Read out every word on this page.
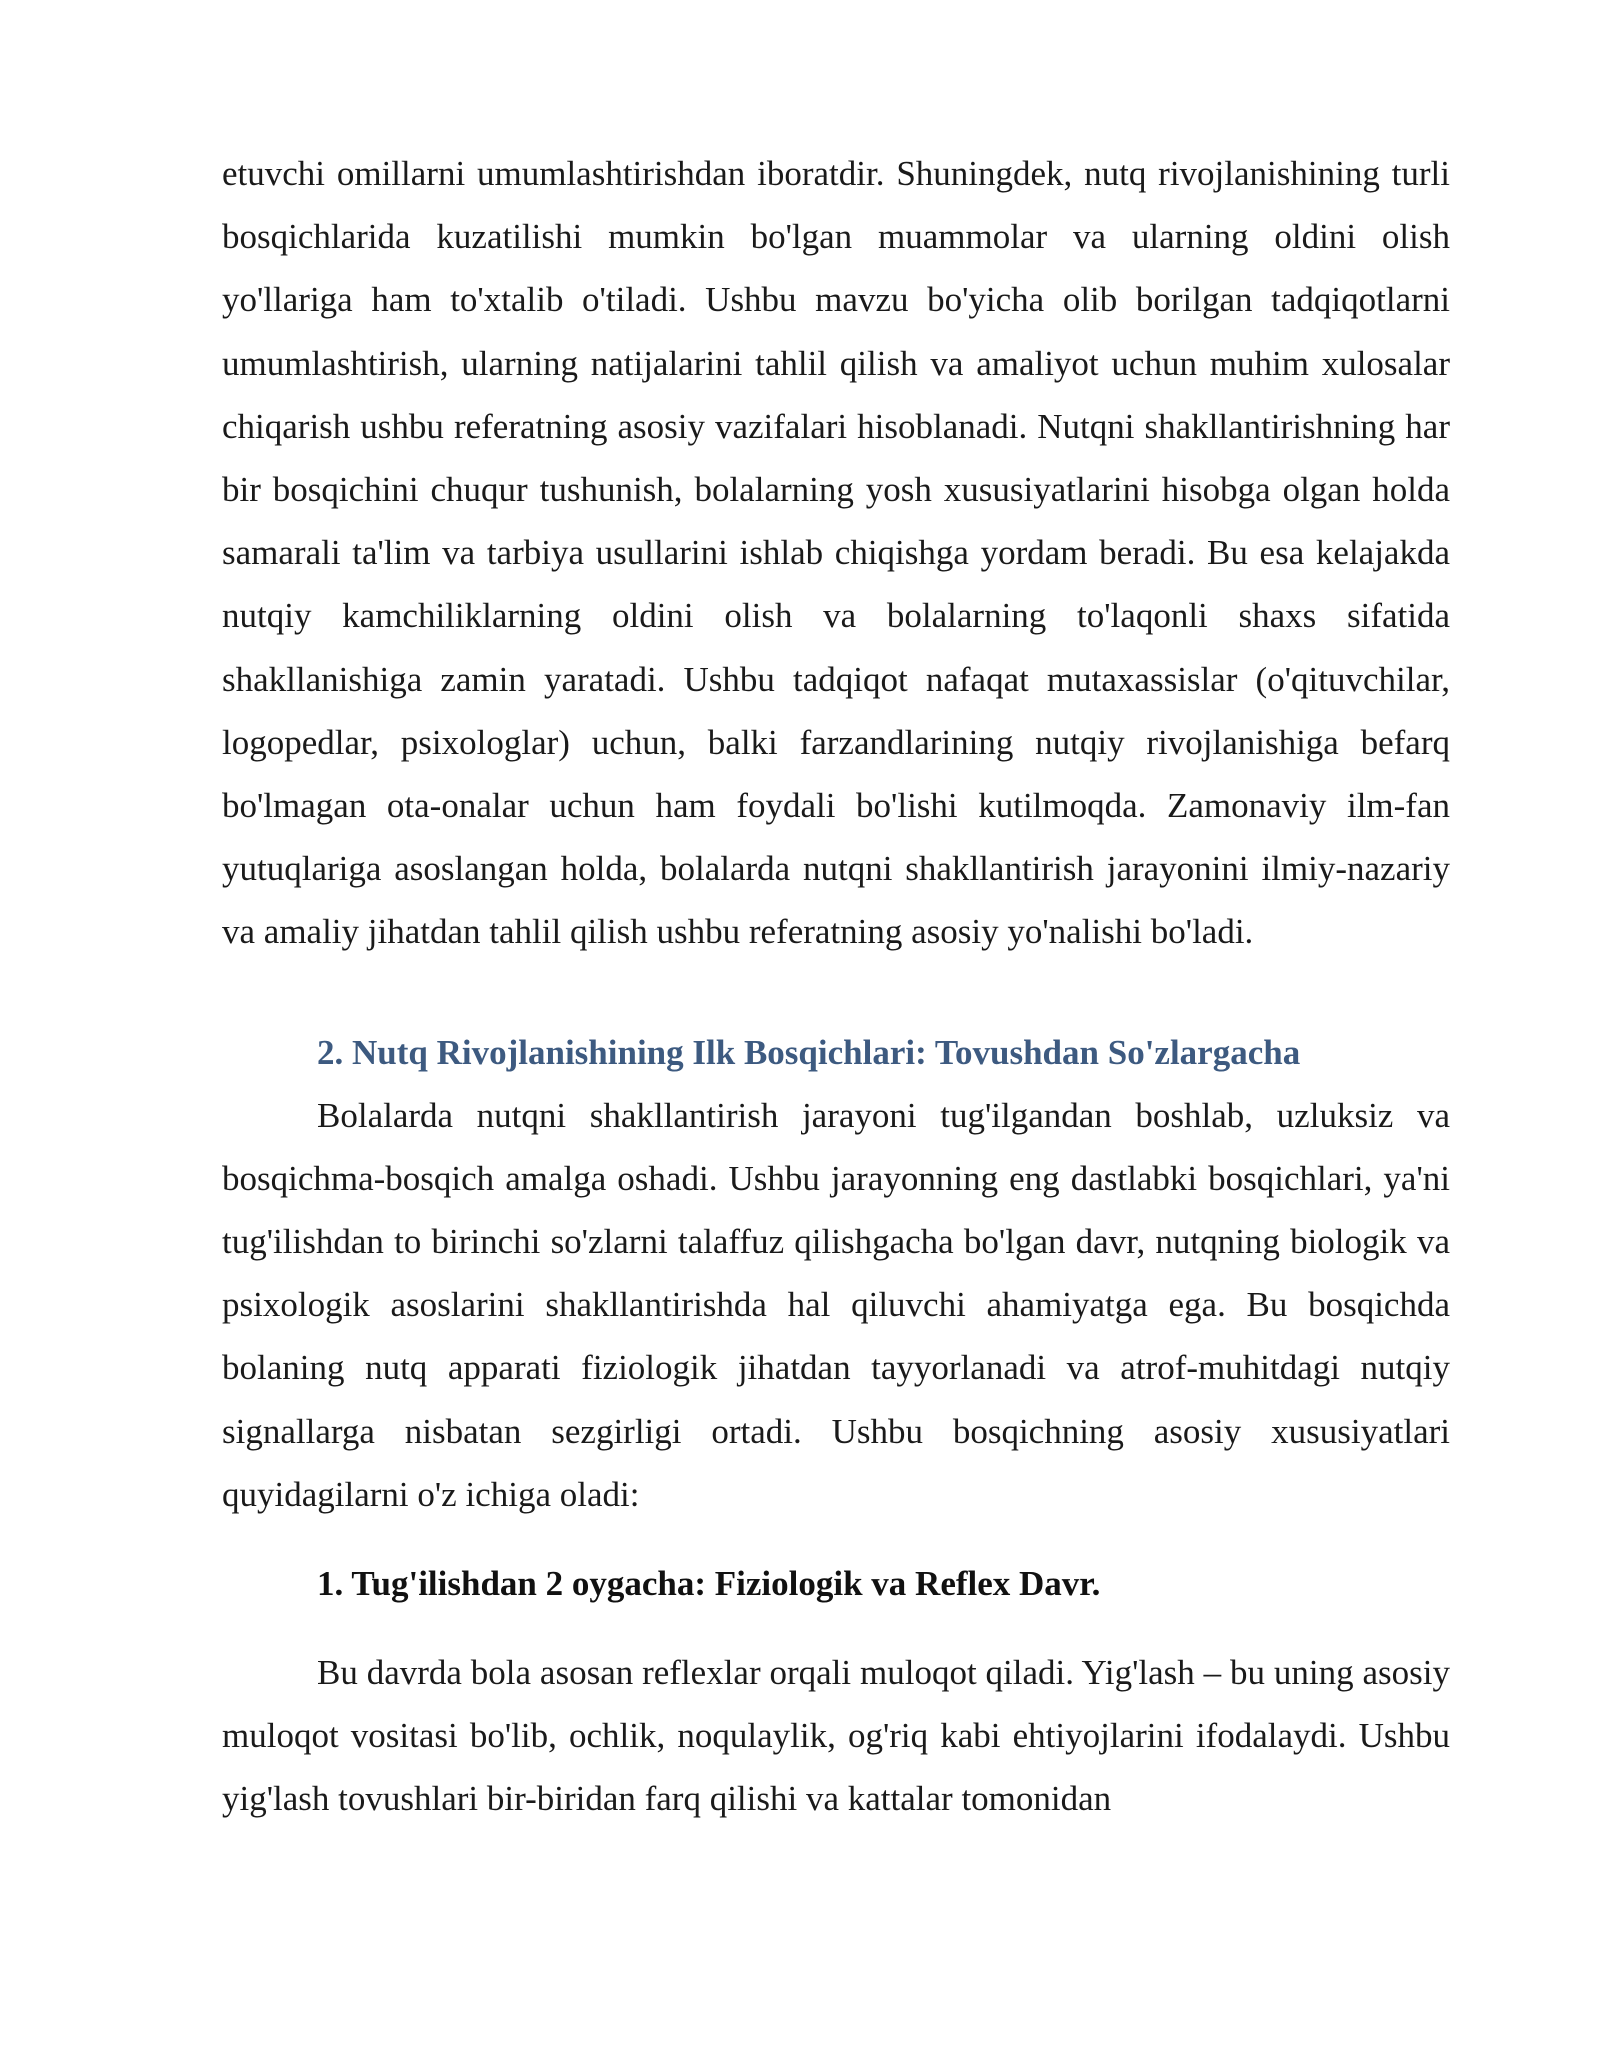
etuvchi omillarni umumlashtirishdan iboratdir. Shuningdek, nutq rivojlanishining turli bosqichlarida kuzatilishi mumkin bo'lgan muammolar va ularning oldini olish yo'llariga ham to'xtalib o'tiladi. Ushbu mavzu bo'yicha olib borilgan tadqiqotlarni umumlashtirish, ularning natijalarini tahlil qilish va amaliyot uchun muhim xulosalar chiqarish ushbu referatning asosiy vazifalari hisoblanadi. Nutqni shakllantirishning har bir bosqichini chuqur tushunish, bolalarning yosh xususiyatlarini hisobga olgan holda samarali ta'lim va tarbiya usullarini ishlab chiqishga yordam beradi. Bu esa kelajakda nutqiy kamchiliklarning oldini olish va bolalarning to'laqonli shaxs sifatida shakllanishiga zamin yaratadi. Ushbu tadqiqot nafaqat mutaxassislar (o'qituvchilar, logopedlar, psixologlar) uchun, balki farzandlarining nutqiy rivojlanishiga befarq bo'lmagan ota-onalar uchun ham foydali bo'lishi kutilmoqda. Zamonaviy ilm-fan yutuqlariga asoslangan holda, bolalarda nutqni shakllantirish jarayonini ilmiy-nazariy va amaliy jihatdan tahlil qilish ushbu referatning asosiy yo'nalishi bo'ladi.

2. Nutq Rivojlanishining Ilk Bosqichlari: Tovushdan So'zlargacha

Bolalarda nutqni shakllantirish jarayoni tug'ilgandan boshlab, uzluksiz va bosqichma-bosqich amalga oshadi. Ushbu jarayonning eng dastlabki bosqichlari, ya'ni tug'ilishdan to birinchi so'zlarni talaffuz qilishgacha bo'lgan davr, nutqning biologik va psixologik asoslarini shakllantirishda hal qiluvchi ahamiyatga ega. Bu bosqichda bolaning nutq apparati fiziologik jihatdan tayyorlanadi va atrof-muhitdagi nutqiy signallarga nisbatan sezgirligi ortadi. Ushbu bosqichning asosiy xususiyatlari quyidagilarni o'z ichiga oladi:

1. Tug'ilishdan 2 oygacha: Fiziologik va Reflex Davr.

Bu davrda bola asosan reflexlar orqali muloqot qiladi. Yig'lash – bu uning asosiy muloqot vositasi bo'lib, ochlik, noqulaylik, og'riq kabi ehtiyojlarini ifodalaydi. Ushbu yig'lash tovushlari bir-biridan farq qilishi va kattalar tomonidan
